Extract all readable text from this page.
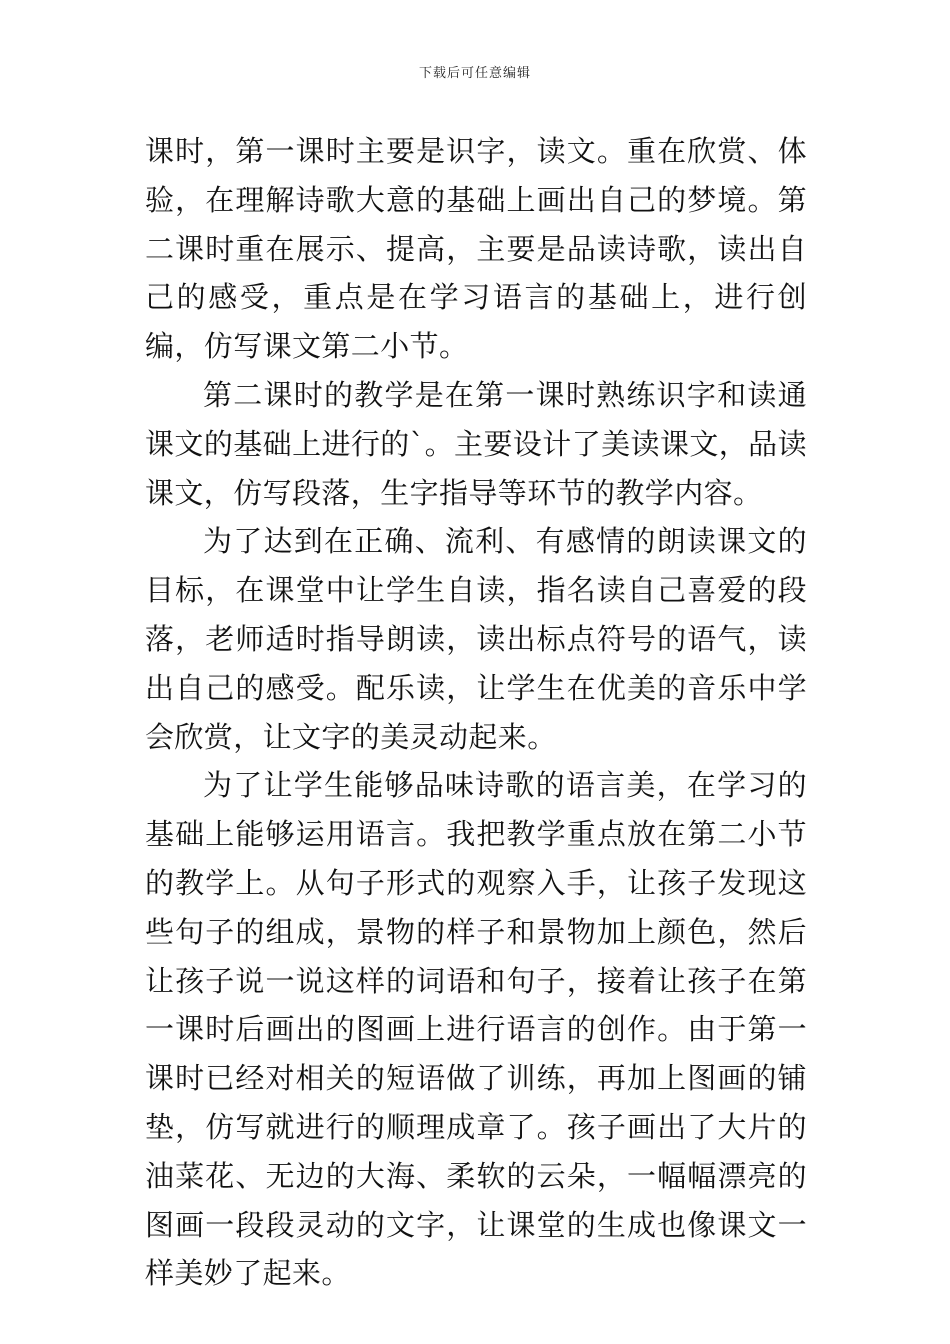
下载后可任意编辑

课时，第一课时主要是识字，读文。重在欣赏、体验，在理解诗歌大意的基础上画出自己的梦境。第二课时重在展示、提高，主要是品读诗歌，读出自己的感受，重点是在学习语言的基础上，进行创编，仿写课文第二小节。

第二课时的教学是在第一课时熟练识字和读通课文的基础上进行的`。主要设计了美读课文，品读课文，仿写段落，生字指导等环节的教学内容。

为了达到在正确、流利、有感情的朗读课文的目标，在课堂中让学生自读，指名读自己喜爱的段落，老师适时指导朗读，读出标点符号的语气，读出自己的感受。配乐读，让学生在优美的音乐中学会欣赏，让文字的美灵动起来。

为了让学生能够品味诗歌的语言美，在学习的基础上能够运用语言。我把教学重点放在第二小节的教学上。从句子形式的观察入手，让孩子发现这些句子的组成，景物的样子和景物加上颜色，然后让孩子说一说这样的词语和句子，接着让孩子在第一课时后画出的图画上进行语言的创作。由于第一课时已经对相关的短语做了训练，再加上图画的铺垫，仿写就进行的顺理成章了。孩子画出了大片的油菜花、无边的大海、柔软的云朵，一幅幅漂亮的图画一段段灵动的文字，让课堂的生成也像课文一样美妙了起来。
